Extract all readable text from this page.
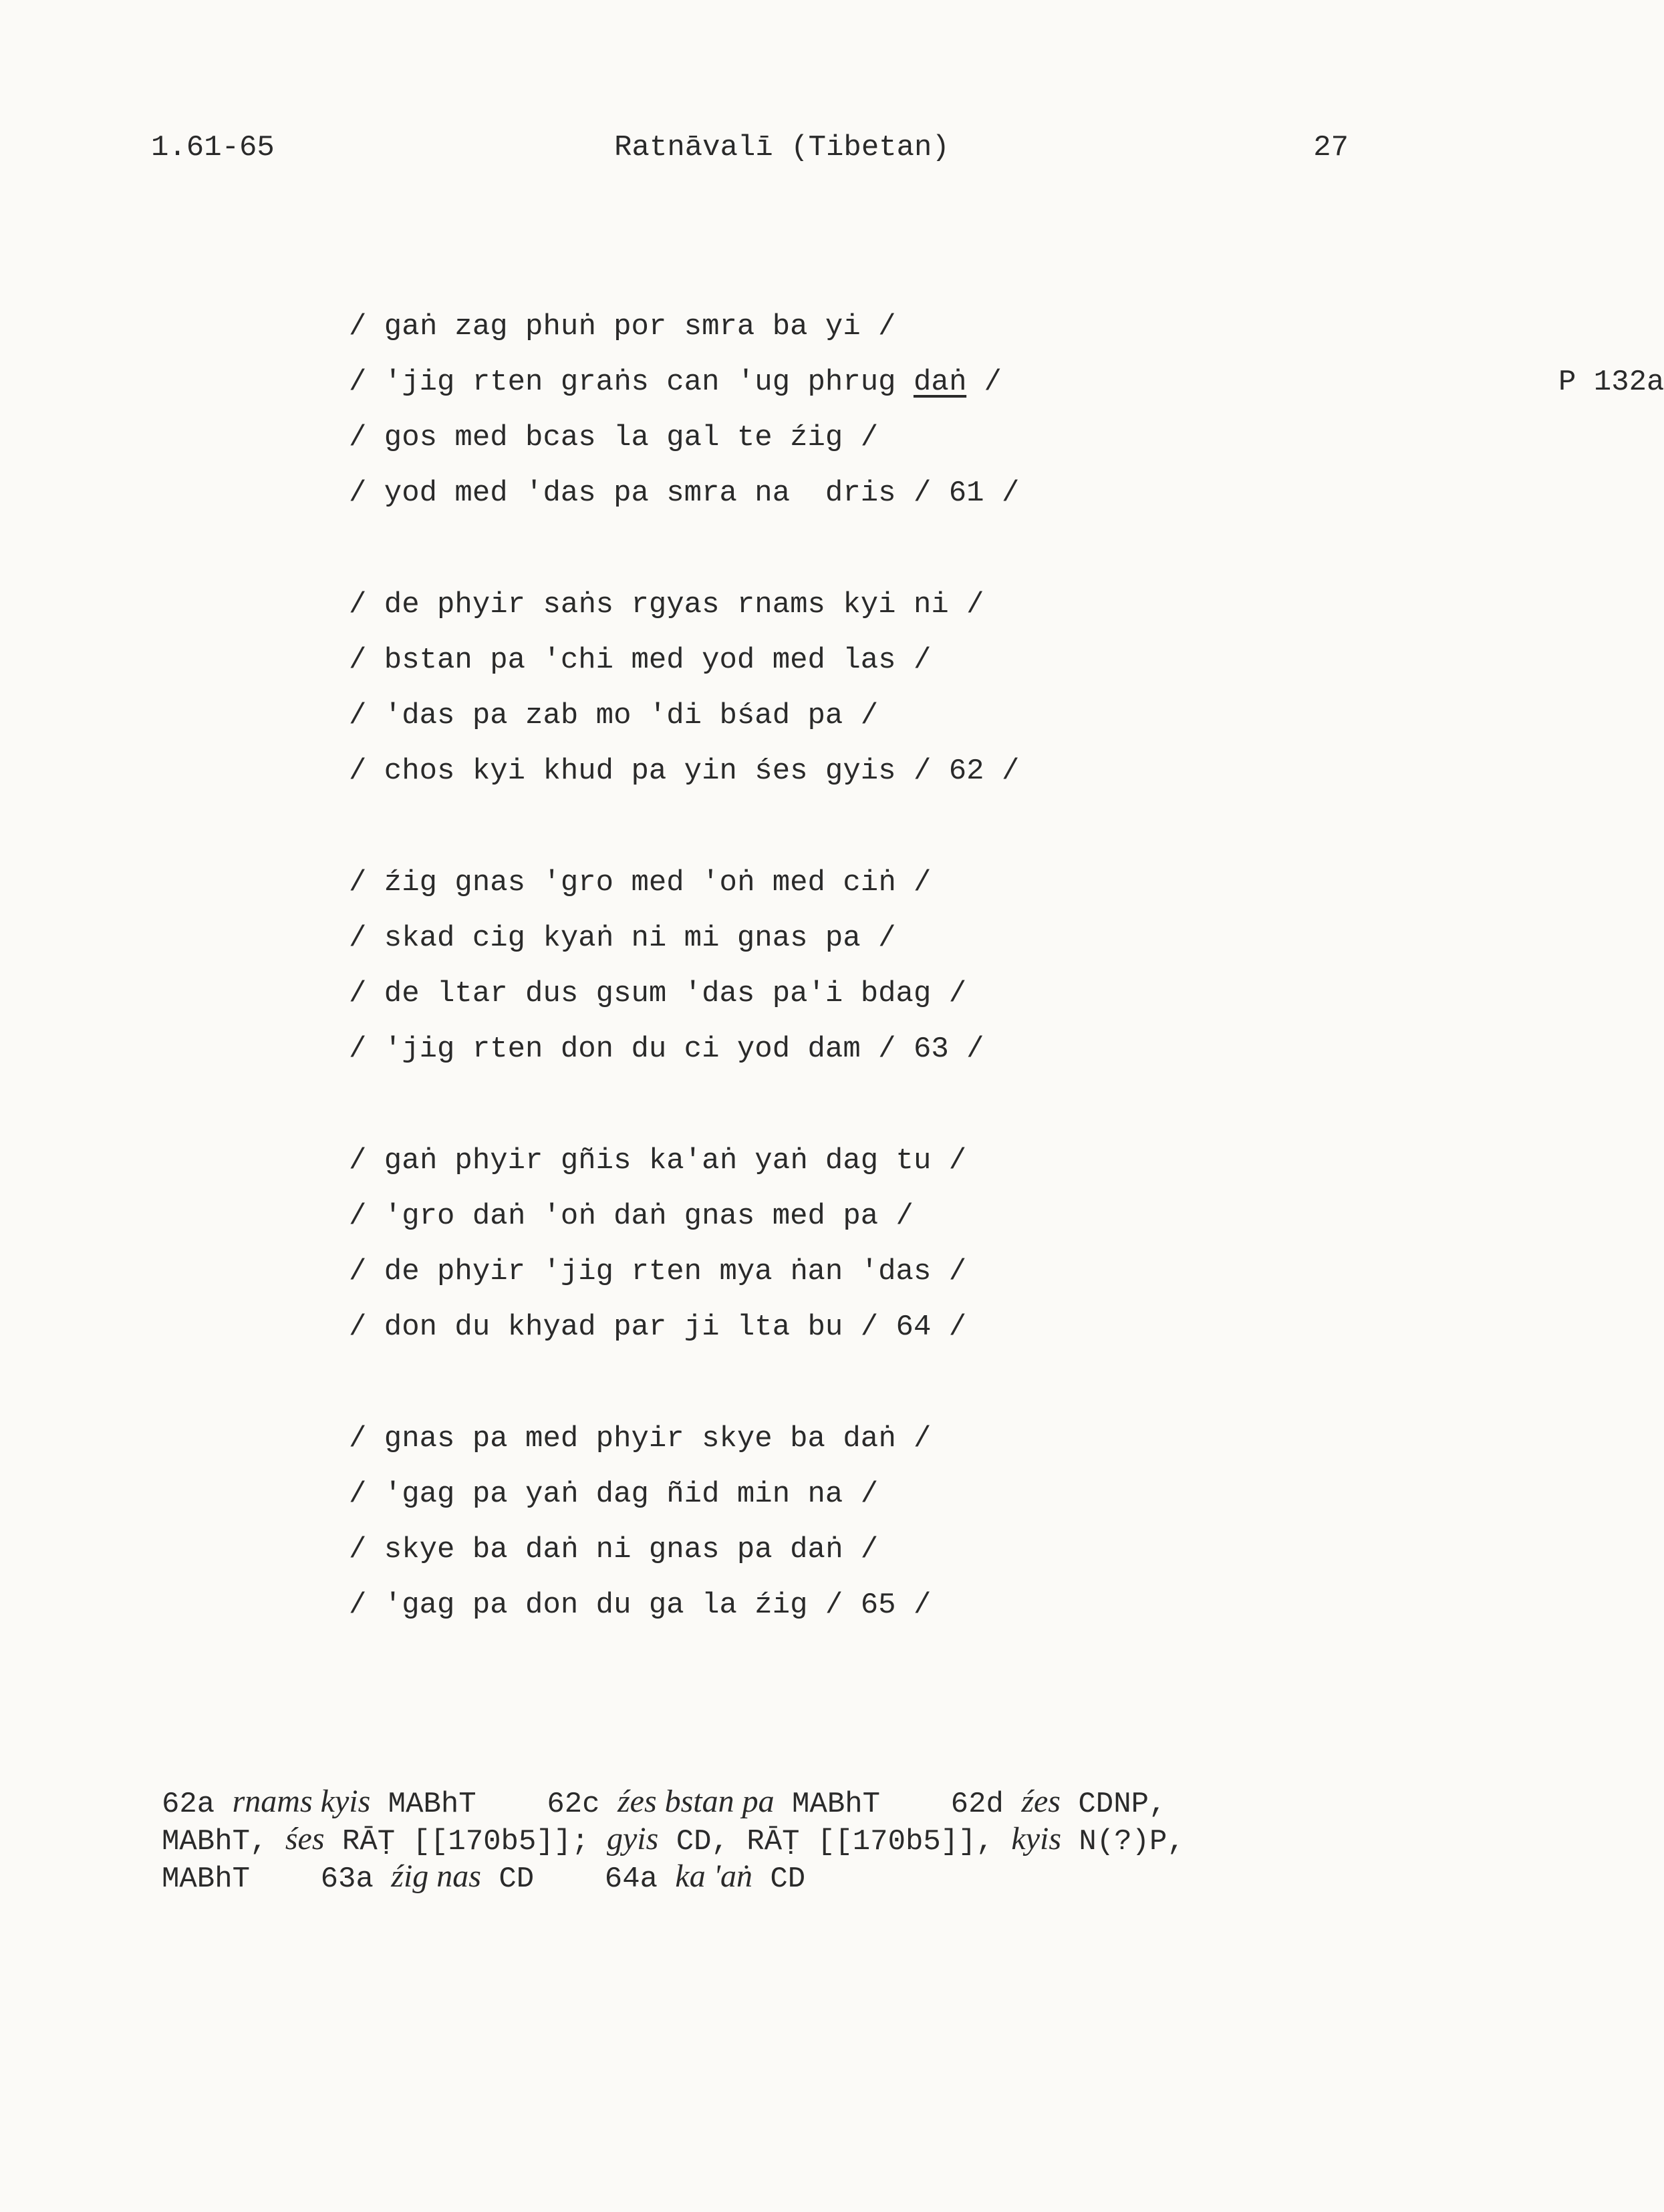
1.61-65	Ratnāvalī (Tibetan)	27
/ gaṅ zag phuṅ por smra ba yi /
/ 'jig rten graṅs can 'ug phrug daṅ /	P 132a
/ gos med bcas la gal te źig /
/ yod med 'das pa smra na  dris / 61 /
/ de phyir saṅs rgyas rnams kyi ni /
/ bstan pa 'chi med yod med las /
/ 'das pa zab mo 'di bśad pa /
/ chos kyi khud pa yin śes gyis / 62 /
/ źig gnas 'gro med 'oṅ med ciṅ /
/ skad cig kyaṅ ni mi gnas pa /
/ de ltar dus gsum 'das pa'i bdag /
/ 'jig rten don du ci yod dam / 63 /
/ gaṅ phyir gñis ka'aṅ yaṅ dag tu /
/ 'gro daṅ 'oṅ daṅ gnas med pa /
/ de phyir 'jig rten mya ṅan 'das /
/ don du khyad par ji lta bu / 64 /
/ gnas pa med phyir skye ba daṅ /
/ 'gag pa yaṅ dag ñid min na /
/ skye ba daṅ ni gnas pa daṅ /
/ 'gag pa don du ga la źig / 65 /
62a rnams kyis MABhT    62c źes bstan pa MABhT    62d źes CDNP,
MABhT, śes RĀṬ [[170b5]]; gyis CD, RĀṬ [[170b5]], kyis N(?)P,
MABhT    63a źig nas CD    64a ka 'aṅ CD
